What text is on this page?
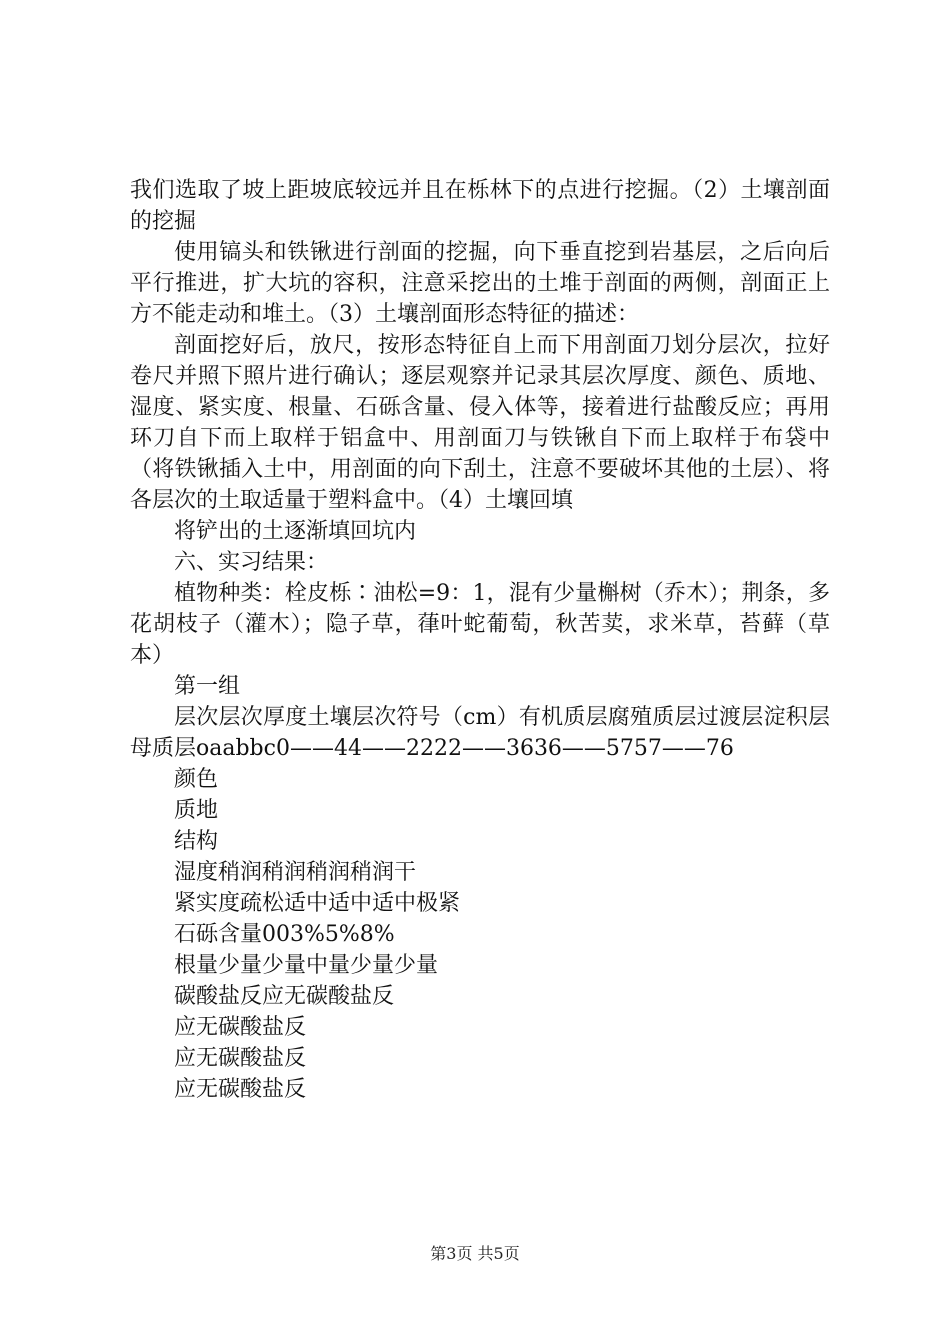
我们选取了坡上距坡底较远并且在栎林下的点进行挖掘。（2）土壤剖面的挖掘

使用镐头和铁锹进行剖面的挖掘，向下垂直挖到岩基层，之后向后平行推进，扩大坑的容积，注意采挖出的土堆于剖面的两侧，剖面正上方不能走动和堆土。（3）土壤剖面形态特征的描述：

剖面挖好后，放尺，按形态特征自上而下用剖面刀划分层次，拉好卷尺并照下照片进行确认；逐层观察并记录其层次厚度、颜色、质地、湿度、紧实度、根量、石砾含量、侵入体等，接着进行盐酸反应；再用环刀自下而上取样于铝盒中、用剖面刀与铁锹自下而上取样于布袋中（将铁锹插入土中，用剖面的向下刮土，注意不要破坏其他的土层）、将各层次的土取适量于塑料盒中。（4）土壤回填

将铲出的土逐渐填回坑内

六、实习结果：

植物种类：栓皮栎∶油松=9：1，混有少量槲树（乔木）；荆条，多花胡枝子（灌木）；隐子草，葎叶蛇葡萄，秋苦荬，求米草，苔藓（草本）

第一组

层次层次厚度土壤层次符号（cm）有机质层腐殖质层过渡层淀积层母质层oaabbc0——44——2222——3636——5757——76

颜色

质地

结构

湿度稍润稍润稍润稍润干

紧实度疏松适中适中适中极紧

石砾含量003%5%8%

根量少量少量中量少量少量

碳酸盐反应无碳酸盐反

应无碳酸盐反

应无碳酸盐反

应无碳酸盐反

第3页 共5页
